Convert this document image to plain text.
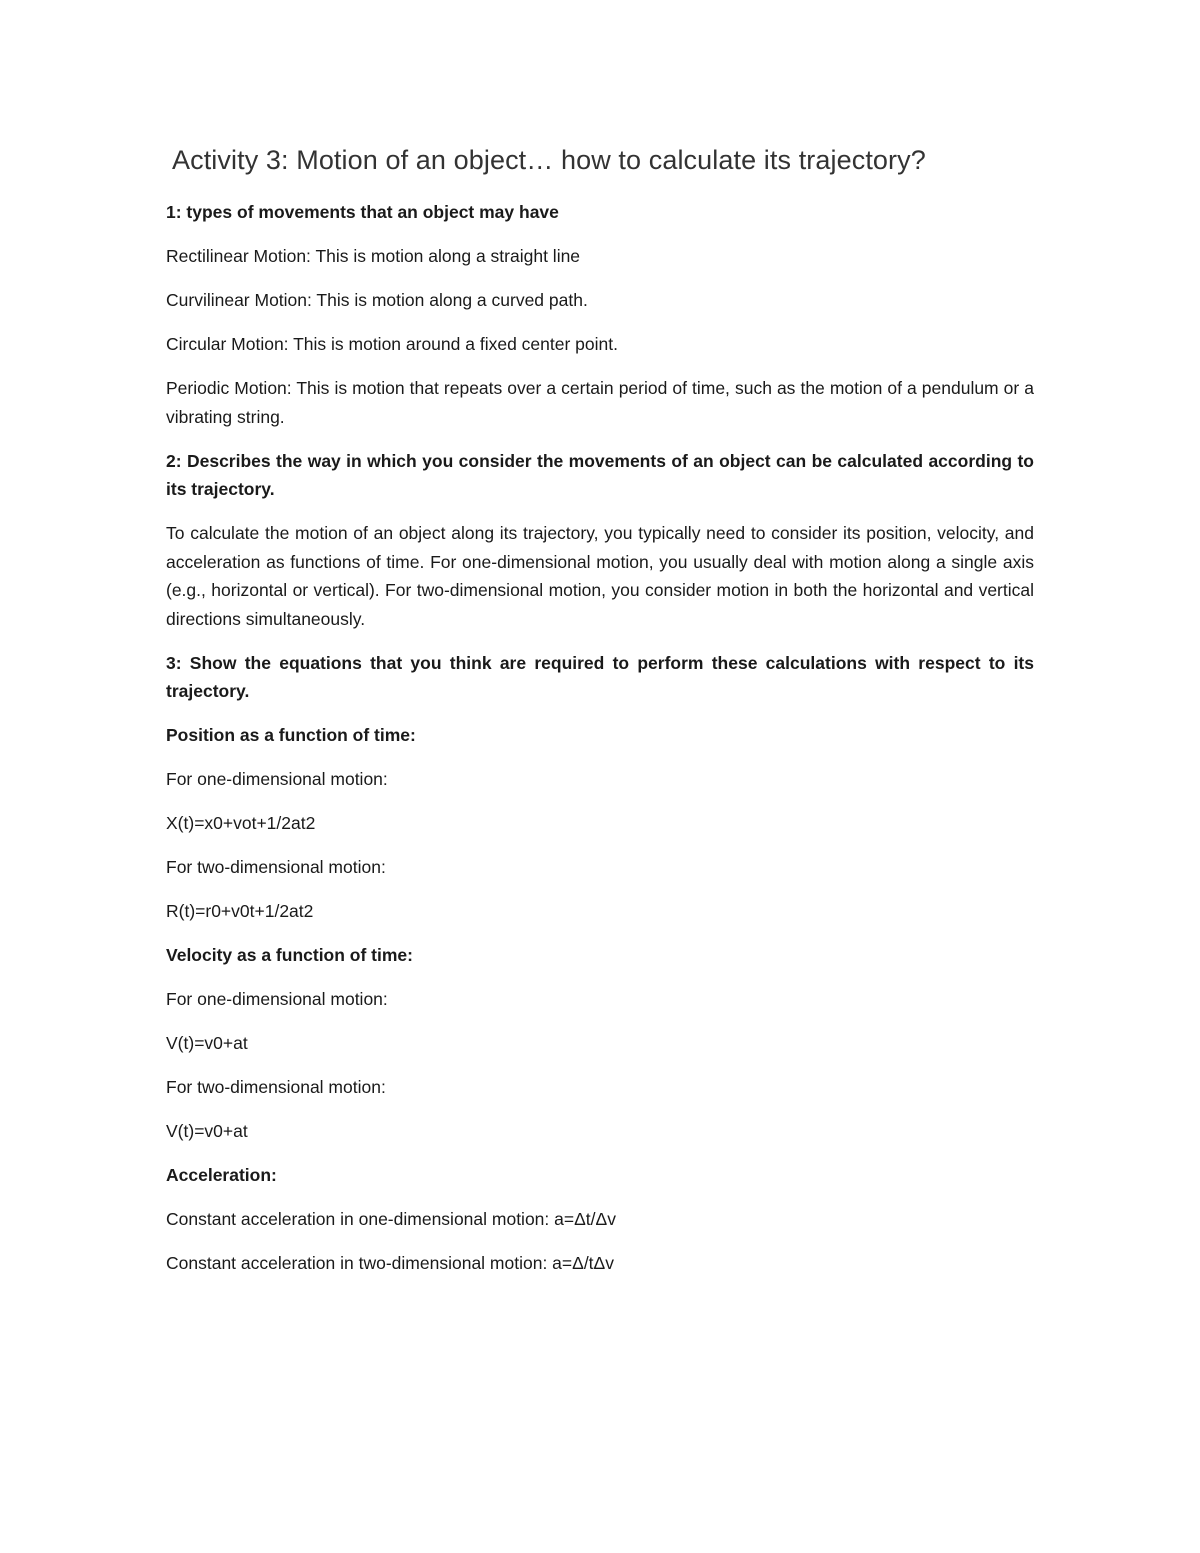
Activity 3: Motion of an object… how to calculate its trajectory?

1: types of movements that an object may have

Rectilinear Motion: This is motion along a straight line

Curvilinear Motion: This is motion along a curved path.

Circular Motion: This is motion around a fixed center point.

Periodic Motion: This is motion that repeats over a certain period of time, such as the motion of a pendulum or a vibrating string.

2: Describes the way in which you consider the movements of an object can be calculated according to its trajectory.

To calculate the motion of an object along its trajectory, you typically need to consider its position, velocity, and acceleration as functions of time. For one-dimensional motion, you usually deal with motion along a single axis (e.g., horizontal or vertical). For two-dimensional motion, you consider motion in both the horizontal and vertical directions simultaneously.

3: Show the equations that you think are required to perform these calculations with respect to its trajectory.

Position as a function of time:

For one-dimensional motion:

X(t)=x0+vot+1/2at2

For two-dimensional motion:

R(t)=r0+v0t+1/2at2

Velocity as a function of time:

For one-dimensional motion:

V(t)=v0+at

For two-dimensional motion:

V(t)=v0+at

Acceleration:

Constant acceleration in one-dimensional motion: a=Δt/Δv

Constant acceleration in two-dimensional motion: a=Δ/tΔv
